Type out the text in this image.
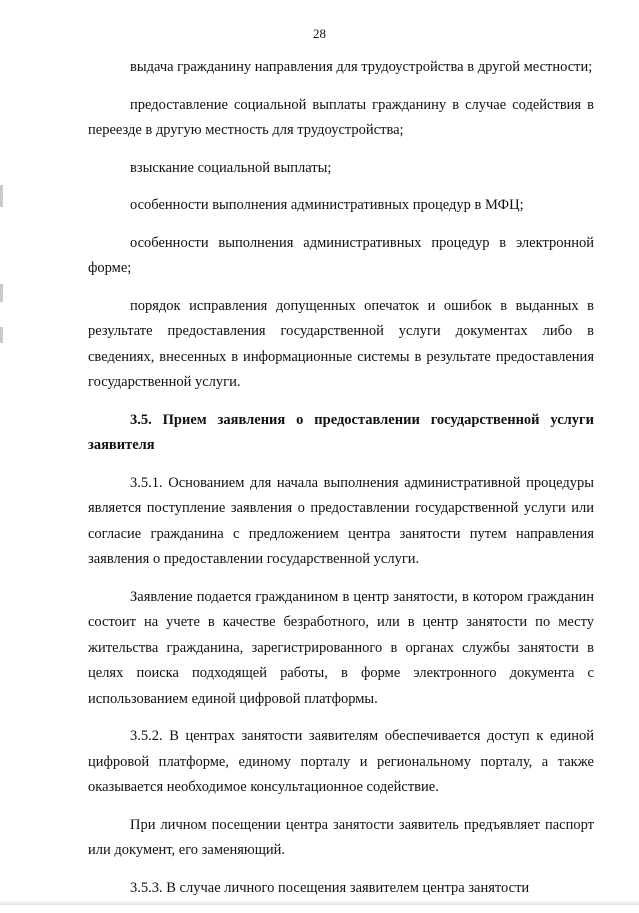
28

выдача гражданину направления для трудоустройства в другой местности;

предоставление социальной выплаты гражданину в случае содействия в переезде в другую местность для трудоустройства;

взыскание социальной выплаты;

особенности выполнения административных процедур в МФЦ;

особенности выполнения административных процедур в электронной форме;

порядок исправления допущенных опечаток и ошибок в выданных в результате предоставления государственной услуги документах либо в сведениях, внесенных в информационные системы в результате предоставления государственной услуги.

3.5. Прием заявления о предоставлении государственной услуги заявителя

3.5.1. Основанием для начала выполнения административной процедуры является поступление заявления о предоставлении государственной услуги или согласие гражданина с предложением центра занятости путем направления заявления о предоставлении государственной услуги.

Заявление подается гражданином в центр занятости, в котором гражданин состоит на учете в качестве безработного, или в центр занятости по месту жительства гражданина, зарегистрированного в органах службы занятости в целях поиска подходящей работы, в форме электронного документа с использованием единой цифровой платформы.

3.5.2. В центрах занятости заявителям обеспечивается доступ к единой цифровой платформе, единому порталу и региональному порталу, а также оказывается необходимое консультационное содействие.

При личном посещении центра занятости заявитель предъявляет паспорт или документ, его заменяющий.

3.5.3. В случае личного посещения заявителем центра занятости
